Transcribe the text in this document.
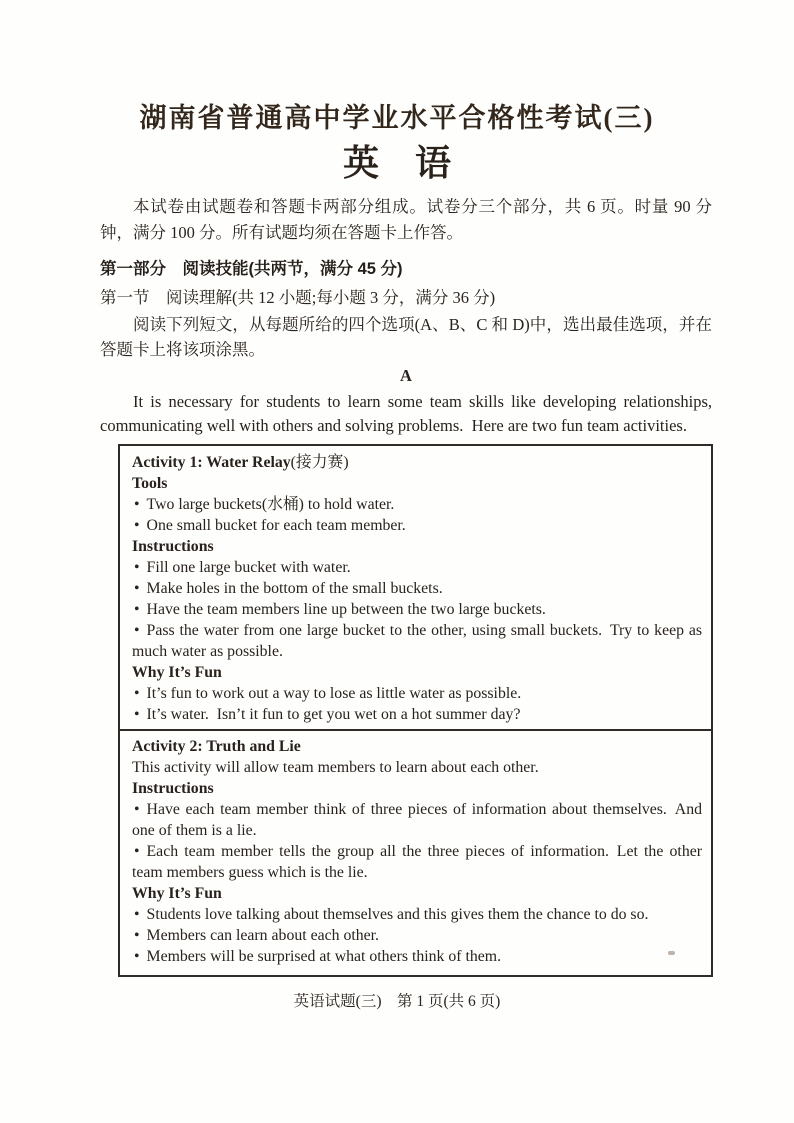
湖南省普通高中学业水平合格性考试(三)
英　语

本试卷由试题卷和答题卡两部分组成。试卷分三个部分，共 6 页。时量 90 分钟，满分 100 分。所有试题均须在答题卡上作答。

第一部分　阅读技能(共两节，满分 45 分)
第一节　阅读理解(共 12 小题;每小题 3 分，满分 36 分)

阅读下列短文，从每题所给的四个选项(A、B、C 和 D)中，选出最佳选项，并在答题卡上将该项涂黑。

A

It is necessary for students to learn some team skills like developing relationships, communicating well with others and solving problems. Here are two fun team activities.

Activity 1: Water Relay(接力赛)

Tools

• Two large buckets(水桶) to hold water.

• One small bucket for each team member.

Instructions

• Fill one large bucket with water.

• Make holes in the bottom of the small buckets.

• Have the team members line up between the two large buckets.

• Pass the water from one large bucket to the other, using small buckets. Try to keep as much water as possible.

Why It’s Fun

• It’s fun to work out a way to lose as little water as possible.

• It’s water. Isn’t it fun to get you wet on a hot summer day?

Activity 2: Truth and Lie

This activity will allow team members to learn about each other.

Instructions

• Have each team member think of three pieces of information about themselves. And one of them is a lie.

• Each team member tells the group all the three pieces of information. Let the other team members guess which is the lie.

Why It’s Fun

• Students love talking about themselves and this gives them the chance to do so.

• Members can learn about each other.

• Members will be surprised at what others think of them.

英语试题(三)　第 1 页(共 6 页)
